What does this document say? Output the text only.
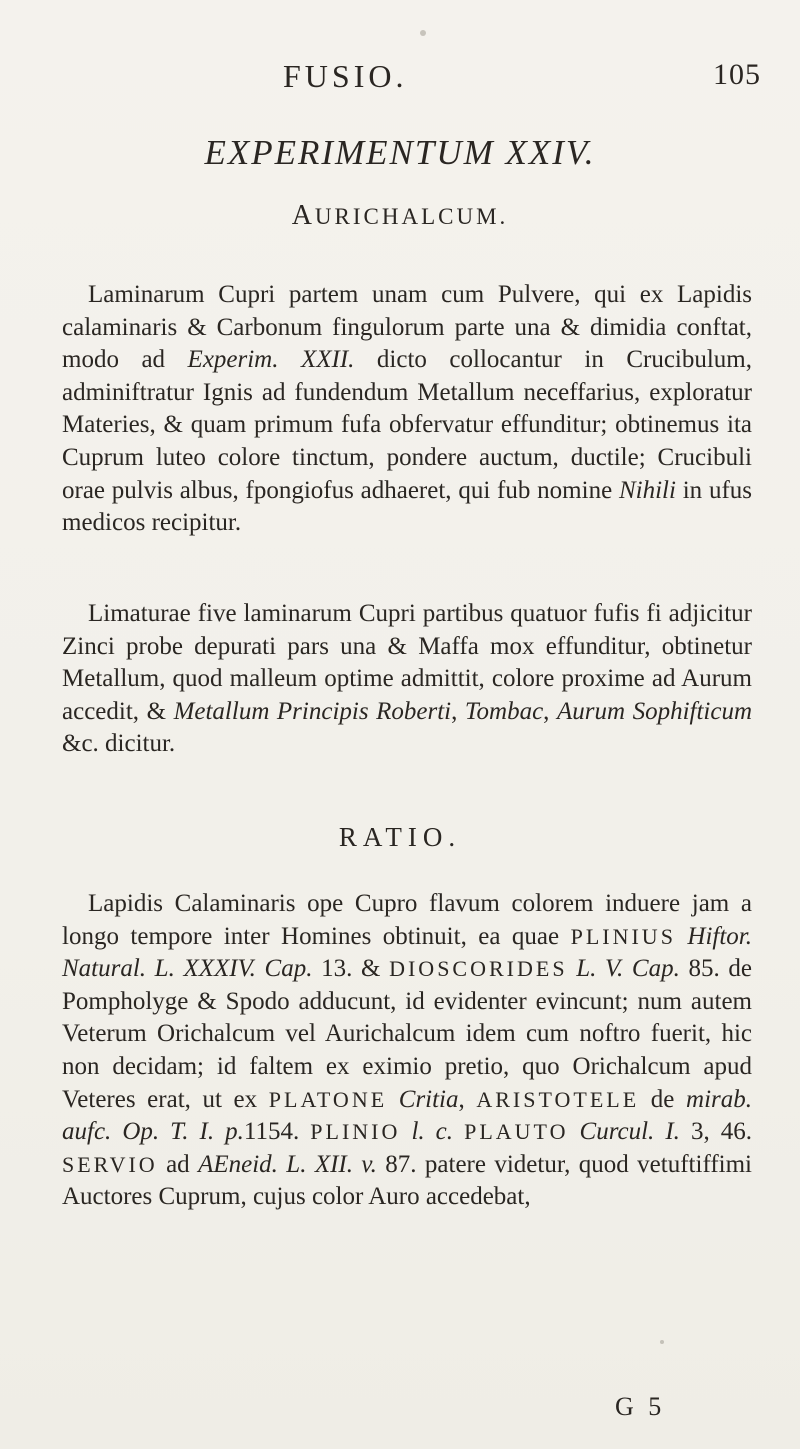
FUSIO.	105
EXPERIMENTUM XXIV.
AURICHALCUM.

Laminarum Cupri partem unam cum Pulvere, qui ex Lapidis calaminaris & Carbonum fingulorum parte una & dimidia conftat, modo ad Experim. XXII. dicto collocantur in Crucibulum, adminiftratur Ignis ad fundendum Metallum neceffarius, exploratur Materies, & quam primum fufa obfervatur effunditur; obtinemus ita Cuprum luteo colore tinctum, pondere auctum, ductile; Crucibuli orae pulvis albus, fpongiofus adhaeret, qui fub nomine Nihili in ufus medicos recipitur.

Limaturae five laminarum Cupri partibus quatuor fufis fi adjicitur Zinci probe depurati pars una & Maffa mox effunditur, obtinetur Metallum, quod malleum optime admittit, colore proxime ad Aurum accedit, & Metallum Principis Roberti, Tombac, Aurum Sophifticum &c. dicitur.

RATIO.

Lapidis Calaminaris ope Cupro flavum colorem induere jam a longo tempore inter Homines obtinuit, ea quae PLINIUS Hiftor. Natural. L. XXXIV. Cap. 13. & DIOSCORIDES L. V. Cap. 85. de Pompholyge & Spodo adducunt, id evidenter evincunt; num autem Veterum Orichalcum vel Aurichalcum idem cum noftro fuerit, hic non decidam; id faltem ex eximio pretio, quo Orichalcum apud Veteres erat, ut ex PLATONE Critia, ARISTOTELE de mirab. aufc. Op. T. I. p.1154. PLINIO l. c. PLAUTO Curcul. I. 3, 46. SERVIO ad AEneid. L. XII. v. 87. patere videtur, quod vetuftiffimi Auctores Cuprum, cujus color Auro accedebat,

G 5
